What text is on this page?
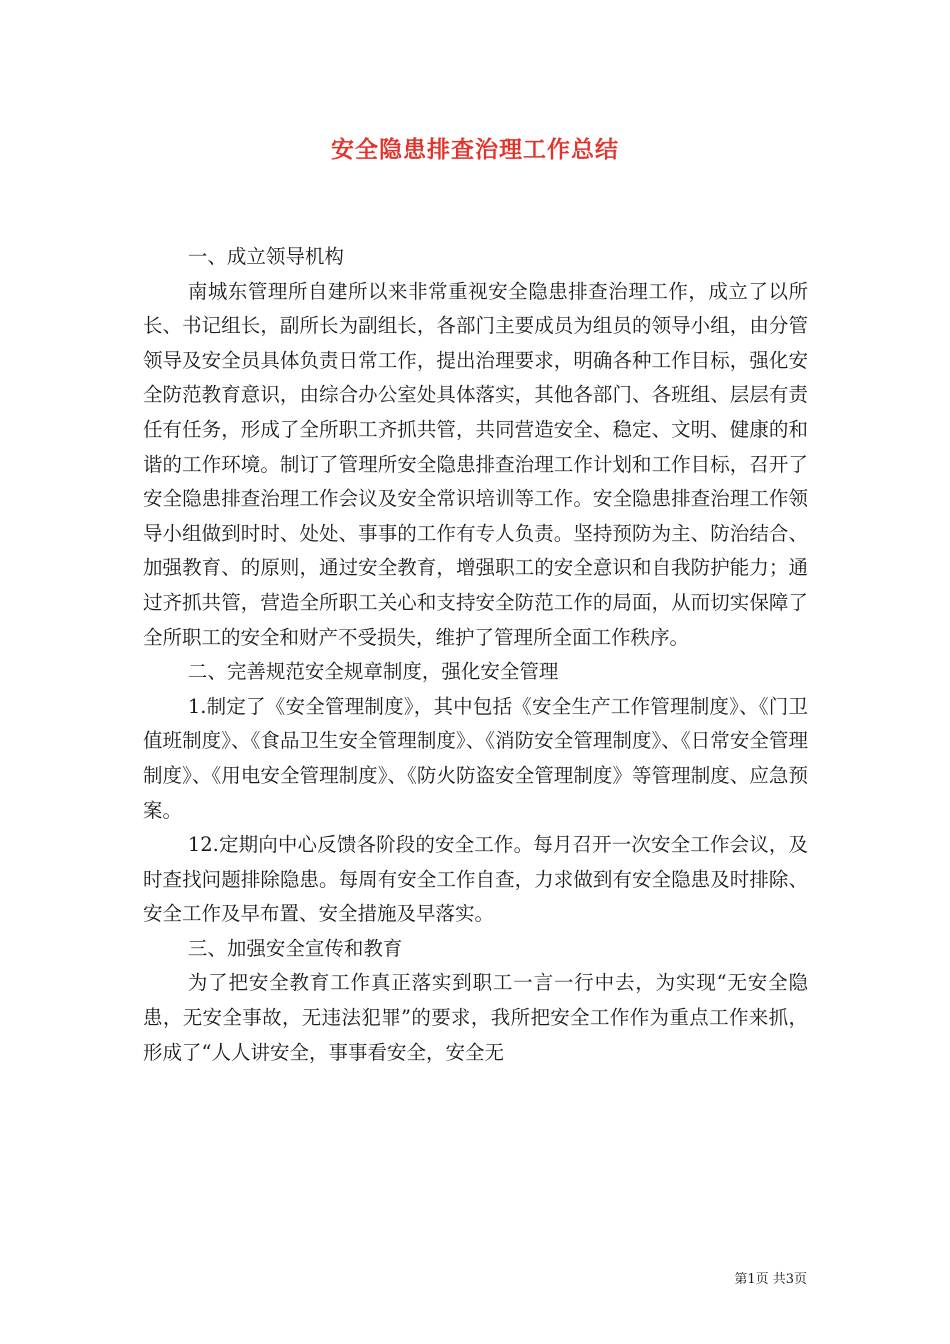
安全隐患排查治理工作总结

一、成立领导机构

南城东管理所自建所以来非常重视安全隐患排查治理工作，成立了以所长、书记组长，副所长为副组长，各部门主要成员为组员的领导小组，由分管领导及安全员具体负责日常工作，提出治理要求，明确各种工作目标，强化安全防范教育意识，由综合办公室处具体落实，其他各部门、各班组、层层有责任有任务，形成了全所职工齐抓共管，共同营造安全、稳定、文明、健康的和谐的工作环境。制订了管理所安全隐患排查治理工作计划和工作目标，召开了安全隐患排查治理工作会议及安全常识培训等工作。安全隐患排查治理工作领导小组做到时时、处处、事事的工作有专人负责。坚持预防为主、防治结合、加强教育、的原则，通过安全教育，增强职工的安全意识和自我防护能力；通过齐抓共管，营造全所职工关心和支持安全防范工作的局面，从而切实保障了全所职工的安全和财产不受损失，维护了管理所全面工作秩序。

二、完善规范安全规章制度，强化安全管理

1.制定了《安全管理制度》，其中包括《安全生产工作管理制度》、《门卫值班制度》、《食品卫生安全管理制度》、《消防安全管理制度》、《日常安全管理制度》、《用电安全管理制度》、《防火防盗安全管理制度》等管理制度、应急预案。

12.定期向中心反馈各阶段的安全工作。每月召开一次安全工作会议，及时查找问题排除隐患。每周有安全工作自查，力求做到有安全隐患及时排除、安全工作及早布置、安全措施及早落实。

三、加强安全宣传和教育

为了把安全教育工作真正落实到职工一言一行中去，为实现“无安全隐患，无安全事故，无违法犯罪”的要求，我所把安全工作作为重点工作来抓，形成了“人人讲安全，事事看安全，安全无

第1页 共3页
